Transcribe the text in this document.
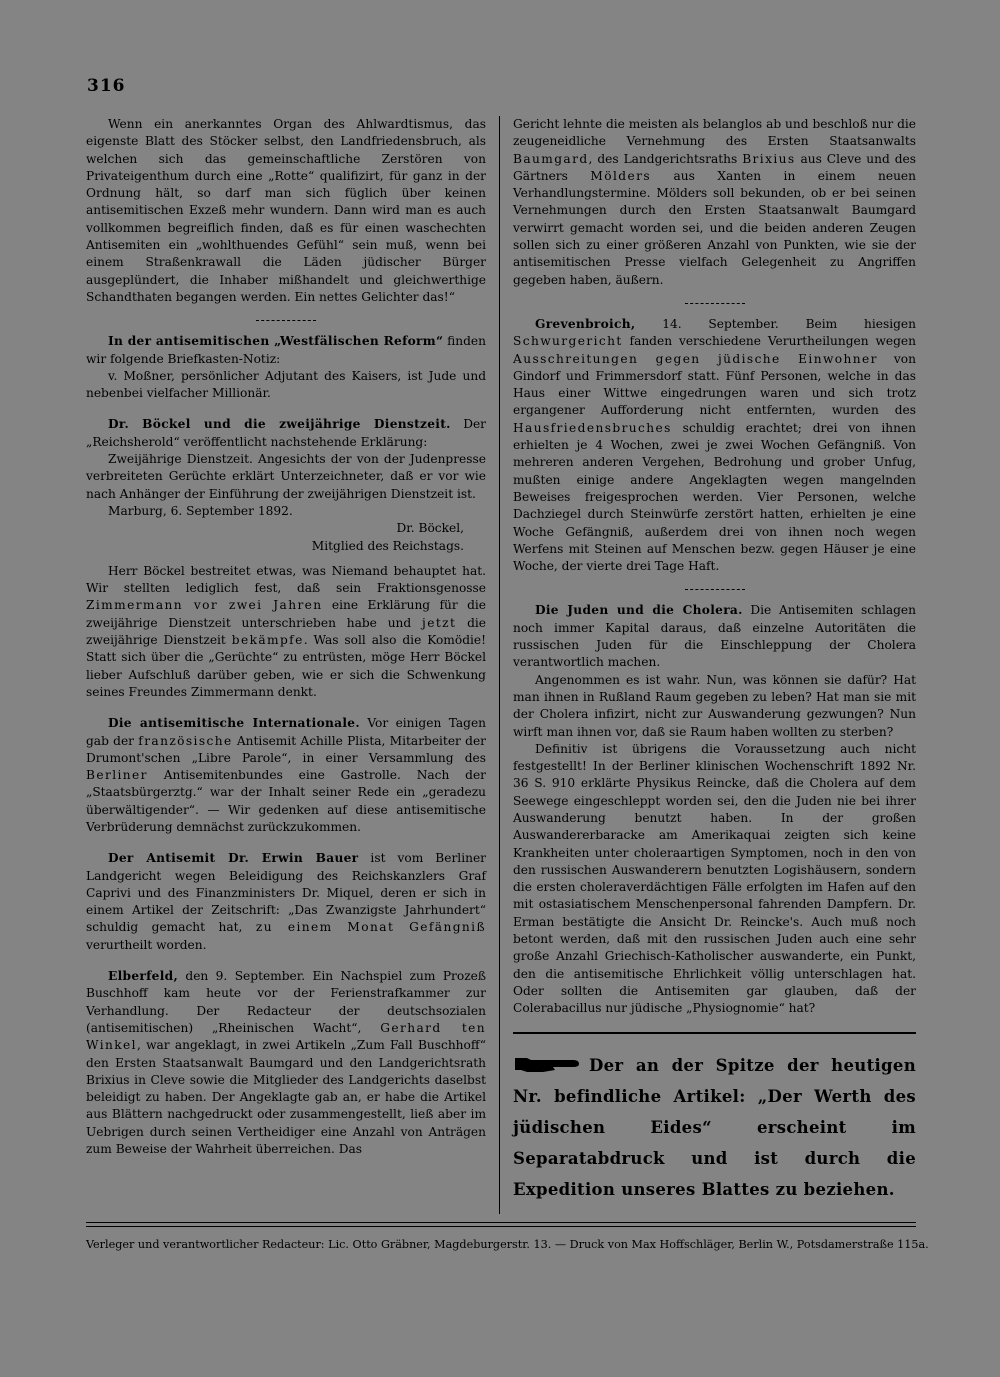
316

Wenn ein anerkanntes Organ des Ahlwardtismus, das eigenste Blatt des Stöcker selbst, den Landfriedensbruch, als welchen sich das gemeinschaftliche Zerstören von Privateigenthum durch eine „Rotte“ qualifizirt, für ganz in der Ordnung hält, so darf man sich füglich über keinen antisemitischen Exzeß mehr wundern. Dann wird man es auch vollkommen begreiflich finden, daß es für einen waschechten Antisemiten ein „wohlthuendes Gefühl“ sein muß, wenn bei einem Straßenkrawall die Läden jüdischer Bürger ausgeplündert, die Inhaber mißhandelt und gleichwerthige Schandthaten begangen werden. Ein nettes Gelichter das!“

In der antisemitischen „Westfälischen Reform“ finden wir folgende Briefkasten-Notiz:

v. Moßner, persönlicher Adjutant des Kaisers, ist Jude und nebenbei vielfacher Millionär.

Dr. Böckel und die zweijährige Dienstzeit. Der „Reichsherold“ veröffentlicht nachstehende Erklärung:

Zweijährige Dienstzeit. Angesichts der von der Judenpresse verbreiteten Gerüchte erklärt Unterzeichneter, daß er vor wie nach Anhänger der Einführung der zweijährigen Dienstzeit ist.

Marburg, 6. September 1892.

Dr. Böckel,

Mitglied des Reichstags.

Herr Böckel bestreitet etwas, was Niemand behauptet hat. Wir stellten lediglich fest, daß sein Fraktionsgenosse Zimmermann vor zwei Jahren eine Erklärung für die zweijährige Dienstzeit unterschrieben habe und jetzt die zweijährige Dienstzeit bekämpfe. Was soll also die Komödie! Statt sich über die „Gerüchte“ zu entrüsten, möge Herr Böckel lieber Aufschluß darüber geben, wie er sich die Schwenkung seines Freundes Zimmermann denkt.

Die antisemitische Internationale. Vor einigen Tagen gab der französische Antisemit Achille Plista, Mitarbeiter der Drumont'schen „Libre Parole“, in einer Versammlung des Berliner Antisemitenbundes eine Gastrolle. Nach der „Staatsbürgerztg.“ war der Inhalt seiner Rede ein „geradezu überwältigender“. — Wir gedenken auf diese antisemitische Verbrüderung demnächst zurückzukommen.

Der Antisemit Dr. Erwin Bauer ist vom Berliner Landgericht wegen Beleidigung des Reichskanzlers Graf Caprivi und des Finanzministers Dr. Miquel, deren er sich in einem Artikel der Zeitschrift: „Das Zwanzigste Jahrhundert“ schuldig gemacht hat, zu einem Monat Gefängniß verurtheilt worden.

Elberfeld, den 9. September. Ein Nachspiel zum Prozeß Buschhoff kam heute vor der Ferienstrafkammer zur Verhandlung. Der Redacteur der deutschsozialen (antisemitischen) „Rheinischen Wacht“, Gerhard ten Winkel, war angeklagt, in zwei Artikeln „Zum Fall Buschhoff“ den Ersten Staatsanwalt Baumgard und den Landgerichtsrath Brixius in Cleve sowie die Mitglieder des Landgerichts daselbst beleidigt zu haben. Der Angeklagte gab an, er habe die Artikel aus Blättern nachgedruckt oder zusammengestellt, ließ aber im Uebrigen durch seinen Vertheidiger eine Anzahl von Anträgen zum Beweise der Wahrheit überreichen. Das

Gericht lehnte die meisten als belanglos ab und beschloß nur die zeugeneidliche Vernehmung des Ersten Staatsanwalts Baumgard, des Landgerichtsraths Brixius aus Cleve und des Gärtners Mölders aus Xanten in einem neuen Verhandlungstermine. Mölders soll bekunden, ob er bei seinen Vernehmungen durch den Ersten Staatsanwalt Baumgard verwirrt gemacht worden sei, und die beiden anderen Zeugen sollen sich zu einer größeren Anzahl von Punkten, wie sie der antisemitischen Presse vielfach Gelegenheit zu Angriffen gegeben haben, äußern.

Grevenbroich, 14. September. Beim hiesigen Schwurgericht fanden verschiedene Verurtheilungen wegen Ausschreitungen gegen jüdische Einwohner von Gindorf und Frimmersdorf statt. Fünf Personen, welche in das Haus einer Wittwe eingedrungen waren und sich trotz ergangener Aufforderung nicht entfernten, wurden des Hausfriedensbruches schuldig erachtet; drei von ihnen erhielten je 4 Wochen, zwei je zwei Wochen Gefängniß. Von mehreren anderen Vergehen, Bedrohung und grober Unfug, mußten einige andere Angeklagten wegen mangelnden Beweises freigesprochen werden. Vier Personen, welche Dachziegel durch Steinwürfe zerstört hatten, erhielten je eine Woche Gefängniß, außerdem drei von ihnen noch wegen Werfens mit Steinen auf Menschen bezw. gegen Häuser je eine Woche, der vierte drei Tage Haft.

Die Juden und die Cholera. Die Antisemiten schlagen noch immer Kapital daraus, daß einzelne Autoritäten die russischen Juden für die Einschleppung der Cholera verantwortlich machen.

Angenommen es ist wahr. Nun, was können sie dafür? Hat man ihnen in Rußland Raum gegeben zu leben? Hat man sie mit der Cholera infizirt, nicht zur Auswanderung gezwungen? Nun wirft man ihnen vor, daß sie Raum haben wollten zu sterben?

Definitiv ist übrigens die Voraussetzung auch nicht festgestellt! In der Berliner klinischen Wochenschrift 1892 Nr. 36 S. 910 erklärte Physikus Reincke, daß die Cholera auf dem Seewege eingeschleppt worden sei, den die Juden nie bei ihrer Auswanderung benutzt haben. In der großen Auswandererbaracke am Amerikaquai zeigten sich keine Krankheiten unter choleraartigen Symptomen, noch in den von den russischen Auswanderern benutzten Logishäusern, sondern die ersten choleraverdächtigen Fälle erfolgten im Hafen auf den mit ostasiatischem Menschenpersonal fahrenden Dampfern. Dr. Erman bestätigte die Ansicht Dr. Reincke's. Auch muß noch betont werden, daß mit den russischen Juden auch eine sehr große Anzahl Griechisch-Katholischer auswanderte, ein Punkt, den die antisemitische Ehrlichkeit völlig unterschlagen hat. Oder sollten die Antisemiten gar glauben, daß der Colerabacillus nur jüdische „Physiognomie“ hat?

Der an der Spitze der heutigen Nr. befindliche Artikel: „Der Werth des jüdischen Eides“ erscheint im Separatabdruck und ist durch die Expedition unseres Blattes zu beziehen.
Verleger und verantwortlicher Redacteur: Lic. Otto Gräbner, Magdeburgerstr. 13. — Druck von Max Hoffschläger, Berlin W., Potsdamerstraße 115a.
